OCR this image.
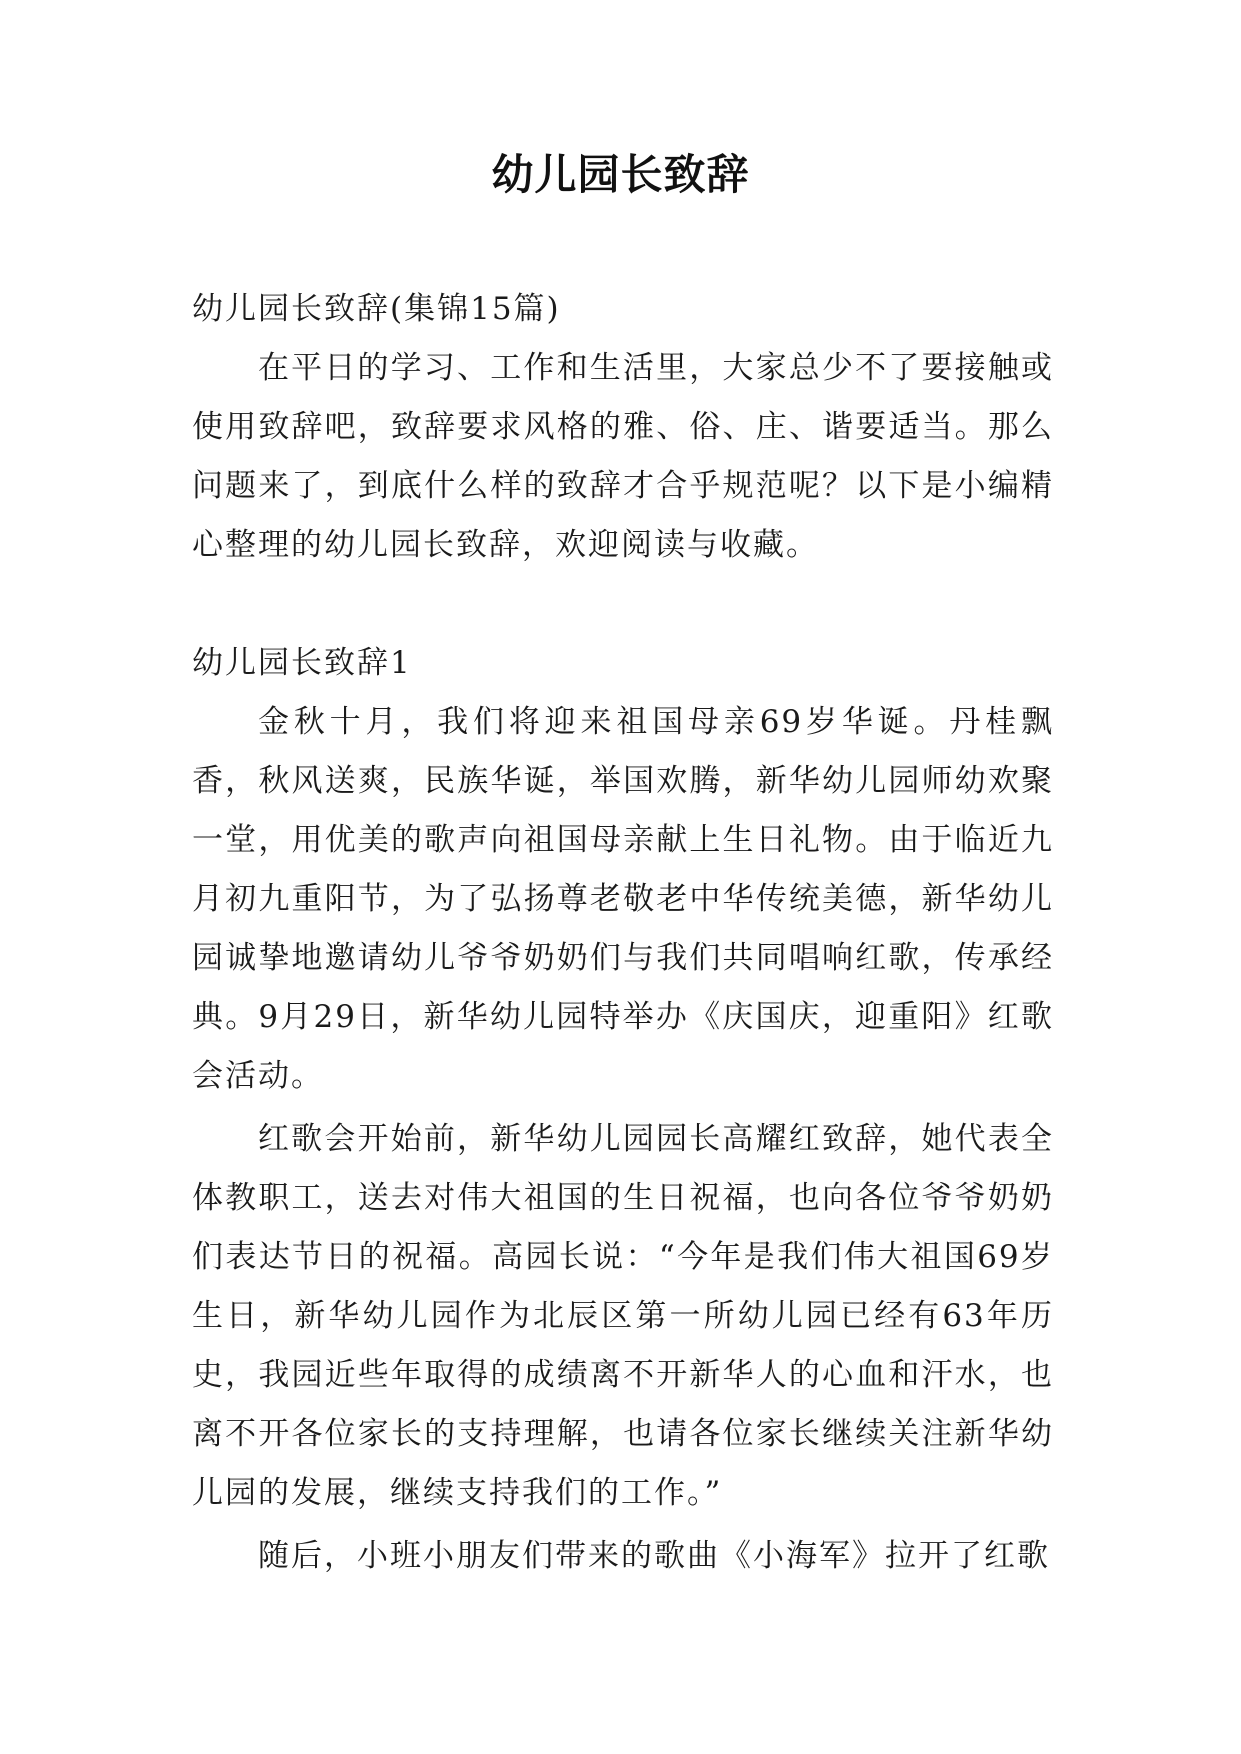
幼儿园长致辞

幼儿园长致辞(集锦15篇)

在平日的学习、工作和生活里，大家总少不了要接触或使用致辞吧，致辞要求风格的雅、俗、庄、谐要适当。那么问题来了，到底什么样的致辞才合乎规范呢？以下是小编精心整理的幼儿园长致辞，欢迎阅读与收藏。

幼儿园长致辞1

金秋十月，我们将迎来祖国母亲69岁华诞。丹桂飘香，秋风送爽，民族华诞，举国欢腾，新华幼儿园师幼欢聚一堂，用优美的歌声向祖国母亲献上生日礼物。由于临近九月初九重阳节，为了弘扬尊老敬老中华传统美德，新华幼儿园诚挚地邀请幼儿爷爷奶奶们与我们共同唱响红歌，传承经典。9月29日，新华幼儿园特举办《庆国庆，迎重阳》红歌会活动。

红歌会开始前，新华幼儿园园长高耀红致辞，她代表全体教职工，送去对伟大祖国的生日祝福，也向各位爷爷奶奶们表达节日的祝福。高园长说：“今年是我们伟大祖国69岁生日，新华幼儿园作为北辰区第一所幼儿园已经有63年历史，我园近些年取得的成绩离不开新华人的心血和汗水，也离不开各位家长的支持理解，也请各位家长继续关注新华幼儿园的发展，继续支持我们的工作。”

随后，小班小朋友们带来的歌曲《小海军》拉开了红歌
